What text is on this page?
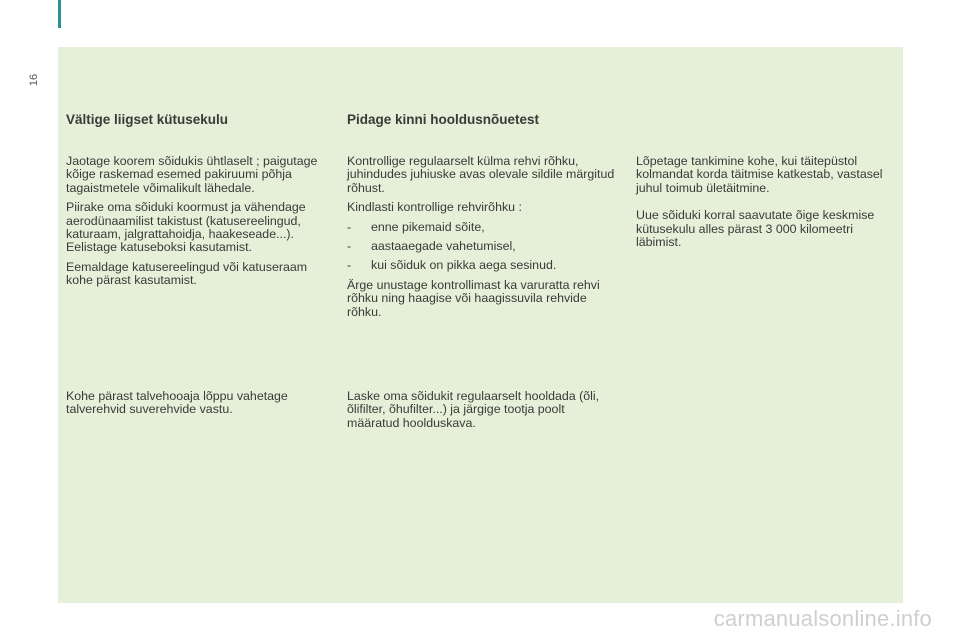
16
Vältige liigset kütusekulu	Pidage kinni hooldusnõuetest

Jaotage koorem sõidukis ühtlaselt ; paigutage kõige raskemad esemed pakiruumi põhja tagaistmetele võimalikult lähedale.

Piirake oma sõiduki koormust ja vähendage aerodünaamilist takistust (katusereelingud, katuraam, jalgrattahoidja, haakeseade...). Eelistage katuseboksi kasutamist.

Eemaldage katusereelingud või katuseraam kohe pärast kasutamist.

Kohe pärast talvehooaja lõppu vahetage talverehvid suverehvide vastu.

Kontrollige regulaarselt külma rehvi rõhku, juhindudes juhiuske avas olevale sildile märgitud rõhust.

Kindlasti kontrollige rehvirõhku :

-	enne pikemaid sõite,
-	aastaaegade vahetumisel,
-	kui sõiduk on pikka aega sesinud.

Ärge unustage kontrollimast ka varuratta rehvi rõhku ning haagise või haagissuvila rehvide rõhku.

Laske oma sõidukit regulaarselt hooldada (õli, õlifilter, õhufilter...) ja järgige tootja poolt määratud hoolduskava.

Lõpetage tankimine kohe, kui täitepüstol kolmandat korda täitmise katkestab, vastasel juhul toimub ületäitmine.

Uue sõiduki korral saavutate õige keskmise kütusekulu alles pärast 3 000 kilomeetri läbimist.

carmanualsonline.info
